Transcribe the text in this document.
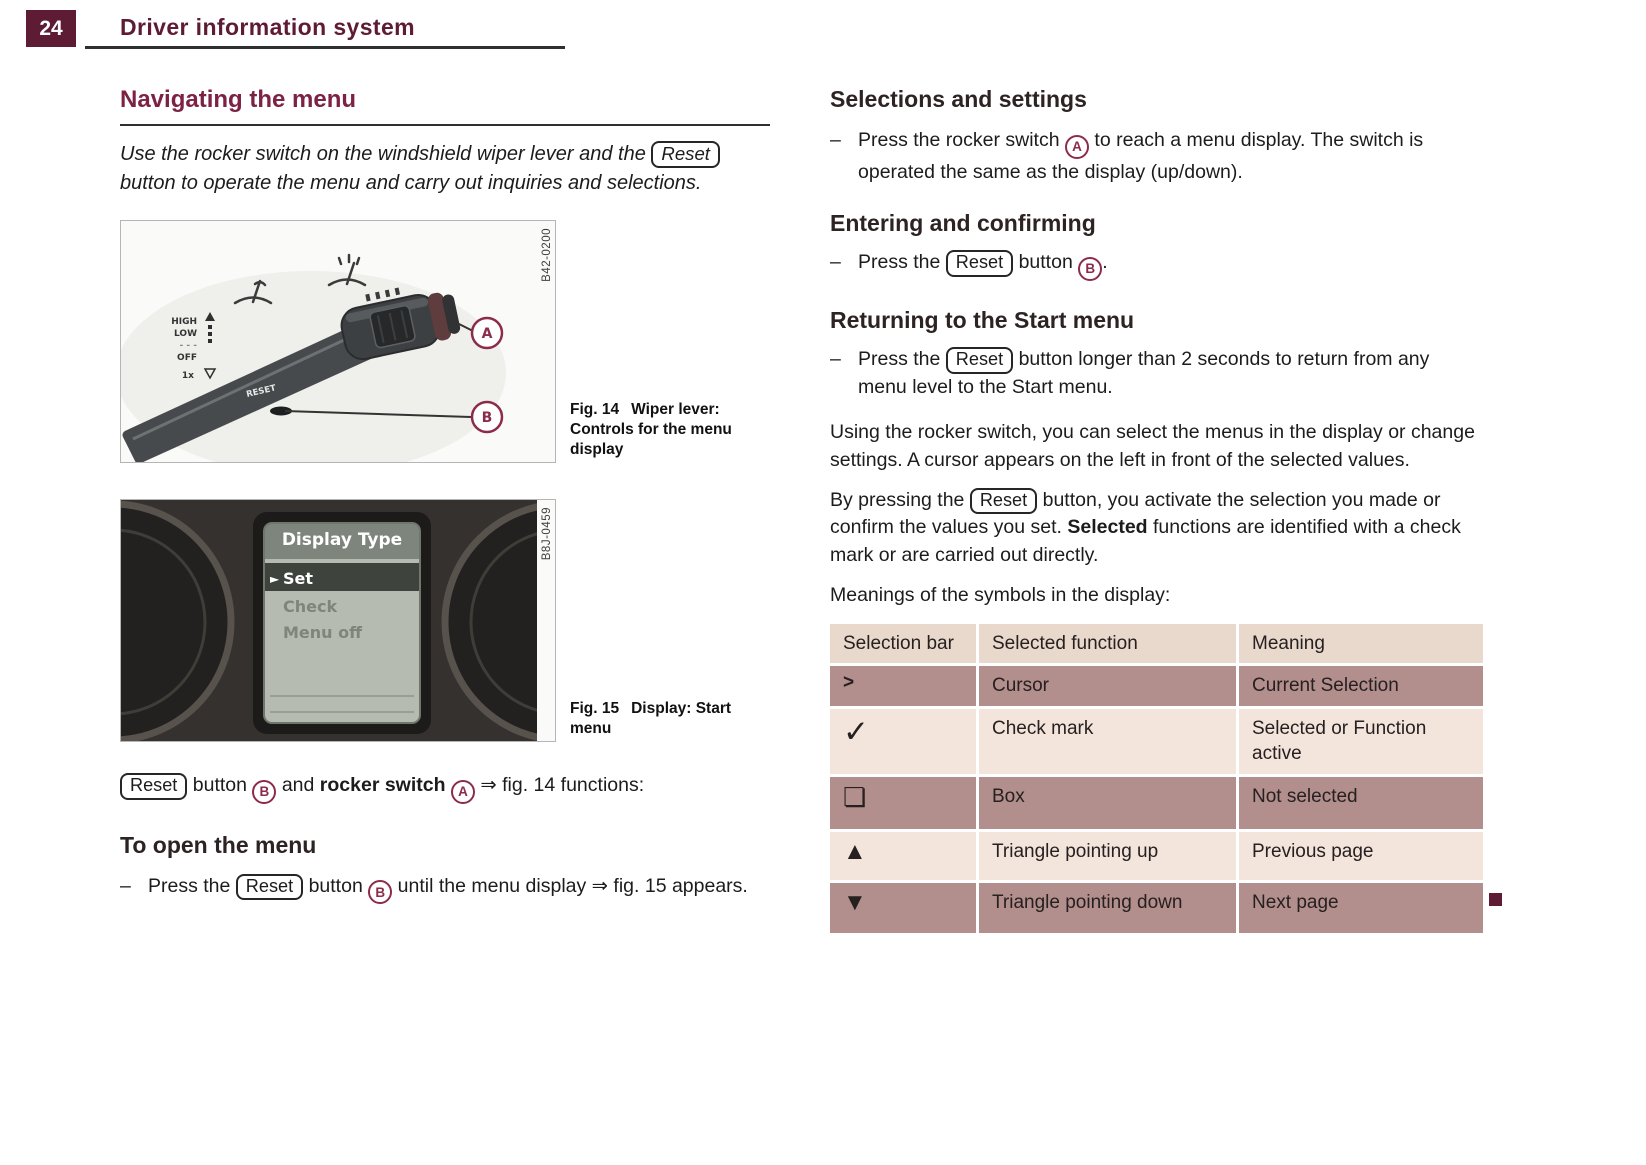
24	Driver information system
Navigating the menu

Use the rocker switch on the windshield wiper lever and the Reset button to operate the menu and carry out inquiries and selections.

HIGH
LOW
- - -
OFF
1x
RESET
A
B
B42-0200
Fig. 14 Wiper lever: Controls for the menu display
Display Type
► Set
Check
Menu off
B8J-0459
Fig. 15 Display: Start menu

Reset button B and rocker switch A ⇒ fig. 14 functions:

To open the menu
– Press the Reset button B until the menu display ⇒ fig. 15 appears.
Selections and settings
– Press the rocker switch A to reach a menu display. The switch is operated the same as the display (up/down).
Entering and confirming
– Press the Reset button B .
Returning to the Start menu
– Press the Reset button longer than 2 seconds to return from any menu level to the Start menu.

Using the rocker switch, you can select the menus in the display or change settings. A cursor appears on the left in front of the selected values.

By pressing the Reset button, you activate the selection you made or confirm the values you set. Selected functions are identified with a check mark or are carried out directly.

Meanings of the symbols in the display:

Selection bar	Selected function	Meaning
>	Cursor	Current Selection
✓	Check mark	Selected or Function active
❏	Box	Not selected
▲	Triangle pointing up	Previous page
▼	Triangle pointing down	Next page
